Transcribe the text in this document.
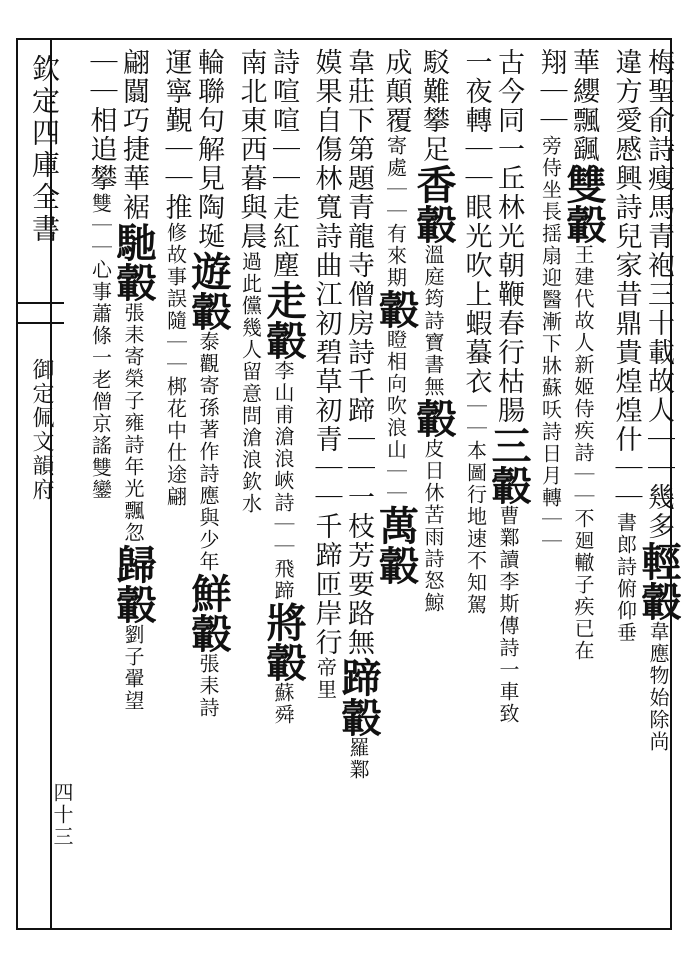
欽定四庫全書
御定佩文韻府
四十三
梅聖俞詩瘦馬青袍三十載故人｜｜幾多輕轂韋應物始除尚
違方愛慼興詩兒家昔鼎貴煌煌什｜｜書郎詩俯仰垂
華纓飄颻雙轂王建代故人新姬侍疾詩｜｜不廻轍子疾已在
翔｜｜旁侍坐長揺扇迎醫漸下牀蘇㕭詩日月轉｜｜
古今同一丘林光朝鞭春行枯腸三轂曹鄴讀李斯傳詩一車致
一夜轉｜｜眼光吹上蝦蟇衣｜｜本圖行地速不知駕
駁難攀足香轂溫庭筠詩寶書無轂皮日休苦雨詩怒鯨
成顛覆寄處｜｜有來期轂瞪相向吹浪山｜｜萬轂
韋莊下第題青龍寺僧房詩千蹄｜｜一枝芳要路無蹄轂羅鄴
嫫果自傷林寬詩曲江初碧草初青｜｜千蹄匝岸行帝里
詩喧喧｜｜走紅塵走轂李山甫滄浪峽詩｜｜飛蹄將轂蘇舜
南北東西暮與晨過此儻幾人留意問滄浪欽水
輪聯句解見陶埏遊轂泰觀寄孫著作詩應與少年鮮轂張耒詩
運寧覲｜｜推修故事誤隨｜｜梆花中仕途翩
翩闒巧捷華裾馳轂張耒寄榮子雍詩年光飄忽歸轂劉子翬望
｜｜相追攀雙｜｜心事蕭條一老僧京謠雙鑾
